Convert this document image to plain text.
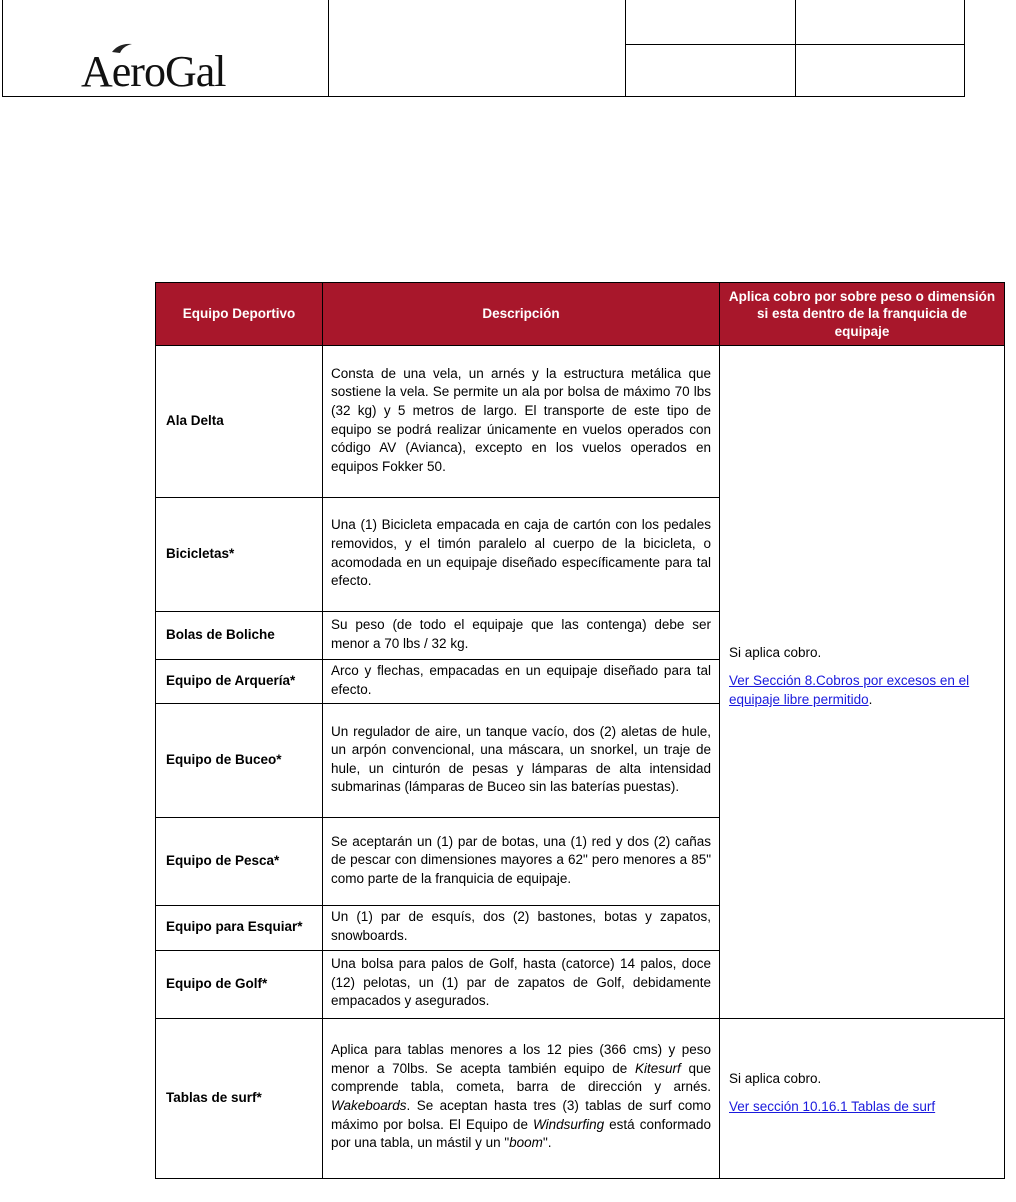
AeroGal
Equipo Deportivo	Descripción	Aplica cobro por sobre peso o dimensión si esta dentro de la franquicia de equipaje
Ala Delta	Consta de una vela, un arnés y la estructura metálica que sostiene la vela. Se permite un ala por bolsa de máximo 70 lbs (32 kg) y 5 metros de largo. El transporte de este tipo de equipo se podrá realizar únicamente en vuelos operados con código AV (Avianca), excepto en los vuelos operados en equipos Fokker 50.	Si aplica cobro.

Ver Sección 8.Cobros por excesos en el equipaje libre permitido.

Bicicletas*	Una (1) Bicicleta empacada en caja de cartón con los pedales removidos, y el timón paralelo al cuerpo de la bicicleta, o acomodada en un equipaje diseñado específicamente para tal efecto.	
Bolas de Boliche	Su peso (de todo el equipaje que las contenga) debe ser menor a 70 lbs / 32 kg.	
Equipo de Arquería*	Arco y flechas, empacadas en un equipaje diseñado para tal efecto.	
Equipo de Buceo*	Un regulador de aire, un tanque vacío, dos (2) aletas de hule, un arpón convencional, una máscara, un snorkel, un traje de hule, un cinturón de pesas y lámparas de alta intensidad submarinas (lámparas de Buceo sin las baterías puestas).	
Equipo de Pesca*	Se aceptarán un (1) par de botas, una (1) red y dos (2) cañas de pescar con dimensiones mayores a 62" pero menores a 85" como parte de la franquicia de equipaje.	
Equipo para Esquiar*	Un (1) par de esquís, dos (2) bastones, botas y zapatos, snowboards.	
Equipo de Golf*	Una bolsa para palos de Golf, hasta (catorce) 14 palos, doce (12) pelotas, un (1) par de zapatos de Golf, debidamente empacados y asegurados.	
Tablas de surf*	Aplica para tablas menores a los 12 pies (366 cms) y peso menor a 70lbs. Se acepta también equipo de Kitesurf que comprende tabla, cometa, barra de dirección y arnés. Wakeboards. Se aceptan hasta tres (3) tablas de surf como máximo por bolsa. El Equipo de Windsurfing está conformado por una tabla, un mástil y un "boom".	Si aplica cobro.

Ver sección 10.16.1 Tablas de surf
